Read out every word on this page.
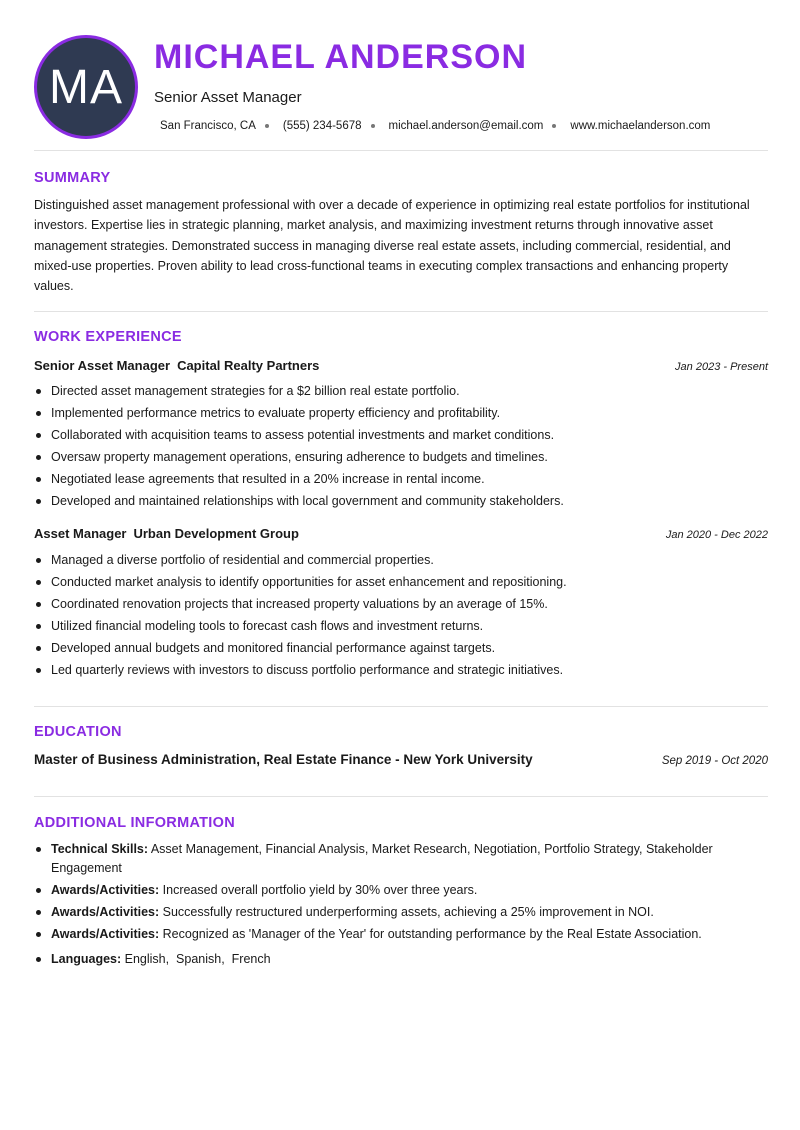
MA
MICHAEL ANDERSON
Senior Asset Manager
San Francisco, CA (555) 234-5678 michael.anderson@email.com www.michaelanderson.com
SUMMARY

Distinguished asset management professional with over a decade of experience in optimizing real estate portfolios for institutional investors. Expertise lies in strategic planning, market analysis, and maximizing investment returns through innovative asset management strategies. Demonstrated success in managing diverse real estate assets, including commercial, residential, and mixed-use properties. Proven ability to lead cross-functional teams in executing complex transactions and enhancing property values.

WORK EXPERIENCE
Senior Asset Manager Capital Realty Partners	Jan 2023 - Present
Directed asset management strategies for a $2 billion real estate portfolio.
Implemented performance metrics to evaluate property efficiency and profitability.
Collaborated with acquisition teams to assess potential investments and market conditions.
Oversaw property management operations, ensuring adherence to budgets and timelines.
Negotiated lease agreements that resulted in a 20% increase in rental income.
Developed and maintained relationships with local government and community stakeholders.
Asset Manager Urban Development Group	Jan 2020 - Dec 2022
Managed a diverse portfolio of residential and commercial properties.
Conducted market analysis to identify opportunities for asset enhancement and repositioning.
Coordinated renovation projects that increased property valuations by an average of 15%.
Utilized financial modeling tools to forecast cash flows and investment returns.
Developed annual budgets and monitored financial performance against targets.
Led quarterly reviews with investors to discuss portfolio performance and strategic initiatives.
EDUCATION
Master of Business Administration, Real Estate Finance - New York University	Sep 2019 - Oct 2020
ADDITIONAL INFORMATION
Technical Skills: Asset Management, Financial Analysis, Market Research, Negotiation, Portfolio Strategy, Stakeholder Engagement
Awards/Activities: Increased overall portfolio yield by 30% over three years.
Awards/Activities: Successfully restructured underperforming assets, achieving a 25% improvement in NOI.
Awards/Activities: Recognized as 'Manager of the Year' for outstanding performance by the Real Estate Association.
Languages: English,  Spanish,  French
